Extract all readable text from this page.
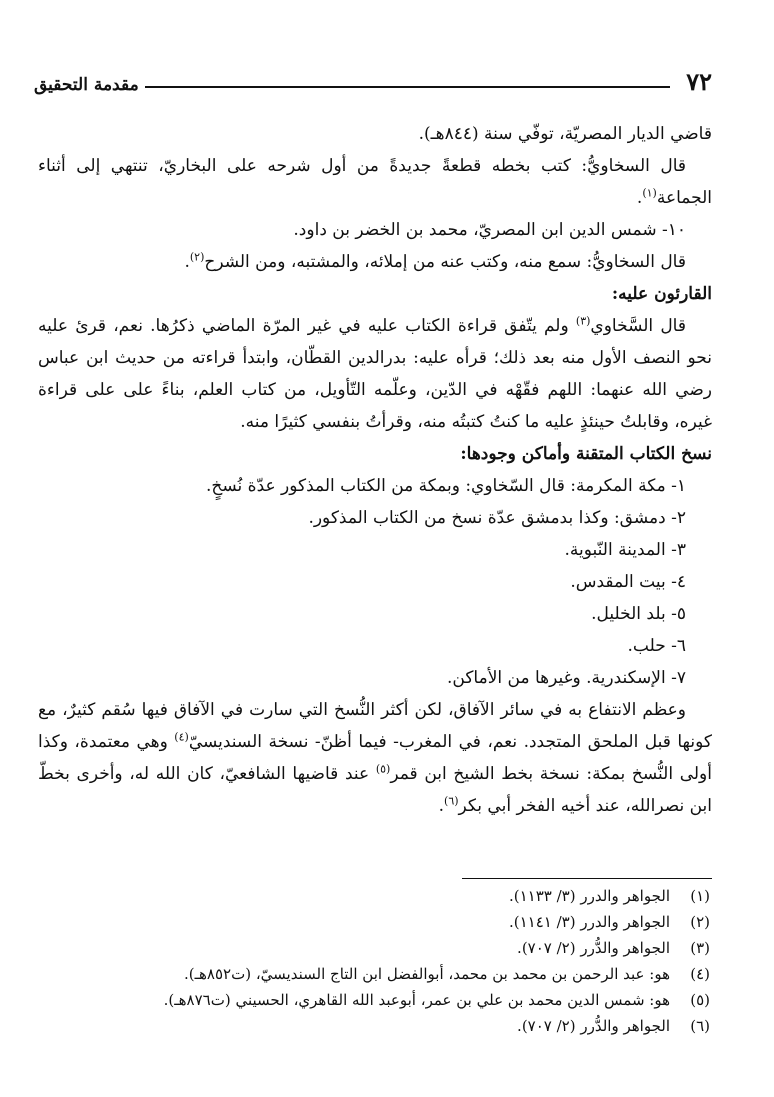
٧٢
مقدمة التحقيق

قاضي الديار المصريّة، توفّي سنة (٨٤٤هـ).

قال السخاويُّ: كتب بخطه قطعةً جديدةً من أول شرحه على البخاريّ، تنتهي إلى أثناء الجماعة$^{(١)}$.

١٠- شمس الدين ابن المصريّ، محمد بن الخضر بن داود.

قال السخاويُّ: سمع منه، وكتب عنه من إملائه، والمشتبه، ومن الشرح$^{(٢)}$.

القارئون عليه:

قال السَّخاوي$^{(٣)}$ ولم يتّفق قراءة الكتاب عليه في غير المرّة الماضي ذكرُها. نعم، قرئ عليه نحو النصف الأول منه بعد ذلك؛ قرأه عليه: بدرالدين القطّان، وابتدأ قراءته من حديث ابن عباس رضي الله عنهما: اللهم فقّهْه في الدّين، وعلّمه التّأويل، من كتاب العلم، بناءً على على قراءة غيره، وقابلتُ حينئذٍ عليه ما كنتُ كتبتُه منه، وقرأتُ بنفسي كثيرًا منه.

نسخ الكتاب المتقنة وأماكن وجودها:

١- مكة المكرمة: قال السّخاوي: وبمكة من الكتاب المذكور عدّة نُسخٍ.

٢- دمشق: وكذا بدمشق عدّة نسخ من الكتاب المذكور.

٣- المدينة النّبوية.

٤- بيت المقدس.

٥- بلد الخليل.

٦- حلب.

٧- الإسكندرية. وغيرها من الأماكن.

وعظم الانتفاع به في سائر الآفاق، لكن أكثر النُّسخ التي سارت في الآفاق فيها سُقم كثيرٌ، مع كونها قبل الملحق المتجدد. نعم، في المغرب- فيما أظنّ- نسخة السنديسيّ$^{(٤)}$ وهي معتمدة، وكذا أولى النُّسخ بمكة: نسخة بخط الشيخ ابن قمر$^{(٥)}$ عند قاضيها الشافعيّ، كان الله له، وأخرى بخطّ ابن نصرالله، عند أخيه الفخر أبي بكر$^{(٦)}$.

(١)
الجواهر والدرر (٣/ ١١٣٣).
(٢)
الجواهر والدرر (٣/ ١١٤١).
(٣)
الجواهر والدُّرر (٢/ ٧٠٧).
(٤)
هو: عبد الرحمن بن محمد بن محمد، أبوالفضل ابن التاج السنديسيّ، (ت٨٥٢هـ).
(٥)
هو: شمس الدين محمد بن علي بن عمر، أبوعبد الله القاهري، الحسيني (ت٨٧٦هـ).
(٦)
الجواهر والدُّرر (٢/ ٧٠٧).
